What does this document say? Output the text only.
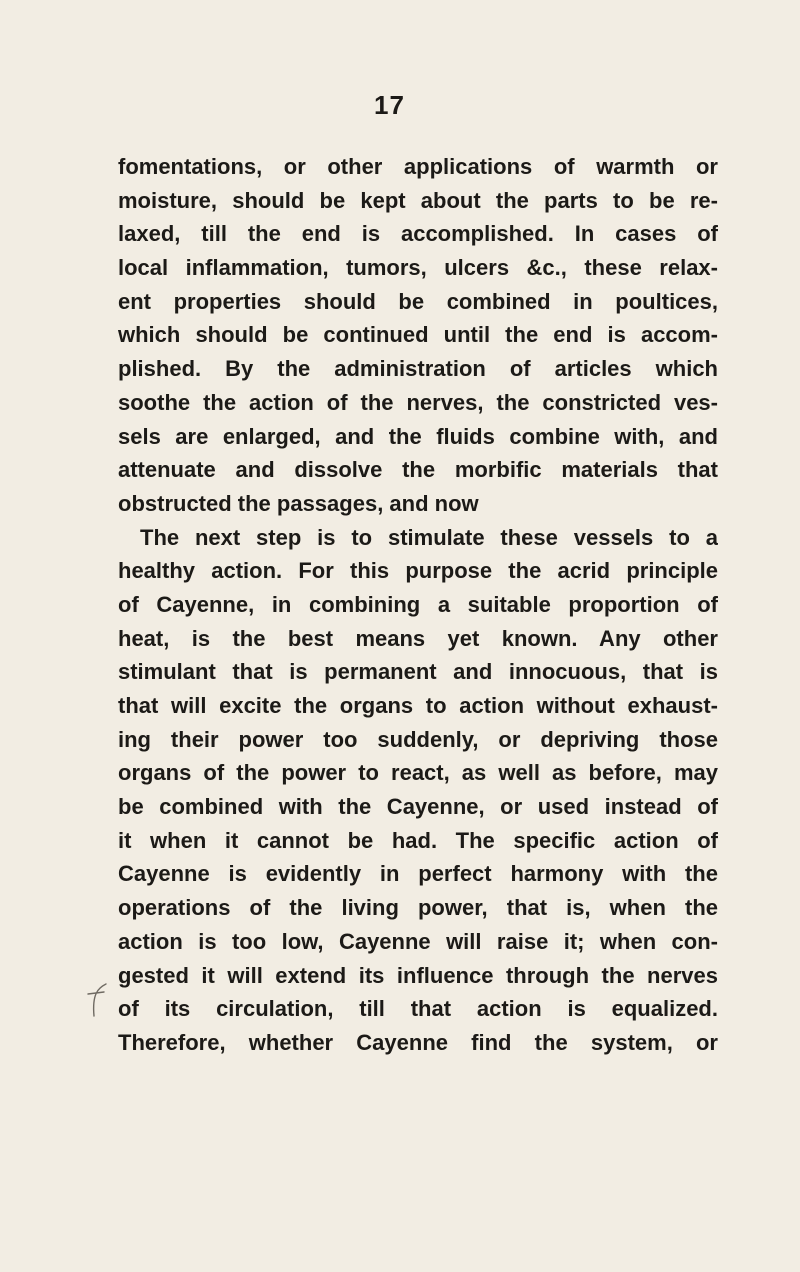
17
fomentations, or other applications of warmth or
moisture, should be kept about the parts to be re-
laxed, till the end is accomplished. In cases of
local inflammation, tumors, ulcers &c., these relax-
ent properties should be combined in poultices,
which should be continued until the end is accom-
plished. By the administration of articles which
soothe the action of the nerves, the constricted ves-
sels are enlarged, and the fluids combine with, and
attenuate and dissolve the morbific materials that
obstructed the passages, and now
The next step is to stimulate these vessels to a
healthy action. For this purpose the acrid principle
of Cayenne, in combining a suitable proportion of
heat, is the best means yet known. Any other
stimulant that is permanent and innocuous, that is
that will excite the organs to action without exhaust-
ing their power too suddenly, or depriving those
organs of the power to react, as well as before, may
be combined with the Cayenne, or used instead of
it when it cannot be had. The specific action of
Cayenne is evidently in perfect harmony with the
operations of the living power, that is, when the
action is too low, Cayenne will raise it; when con-
gested it will extend its influence through the nerves
of its circulation, till that action is equalized.
Therefore, whether Cayenne find the system, or
